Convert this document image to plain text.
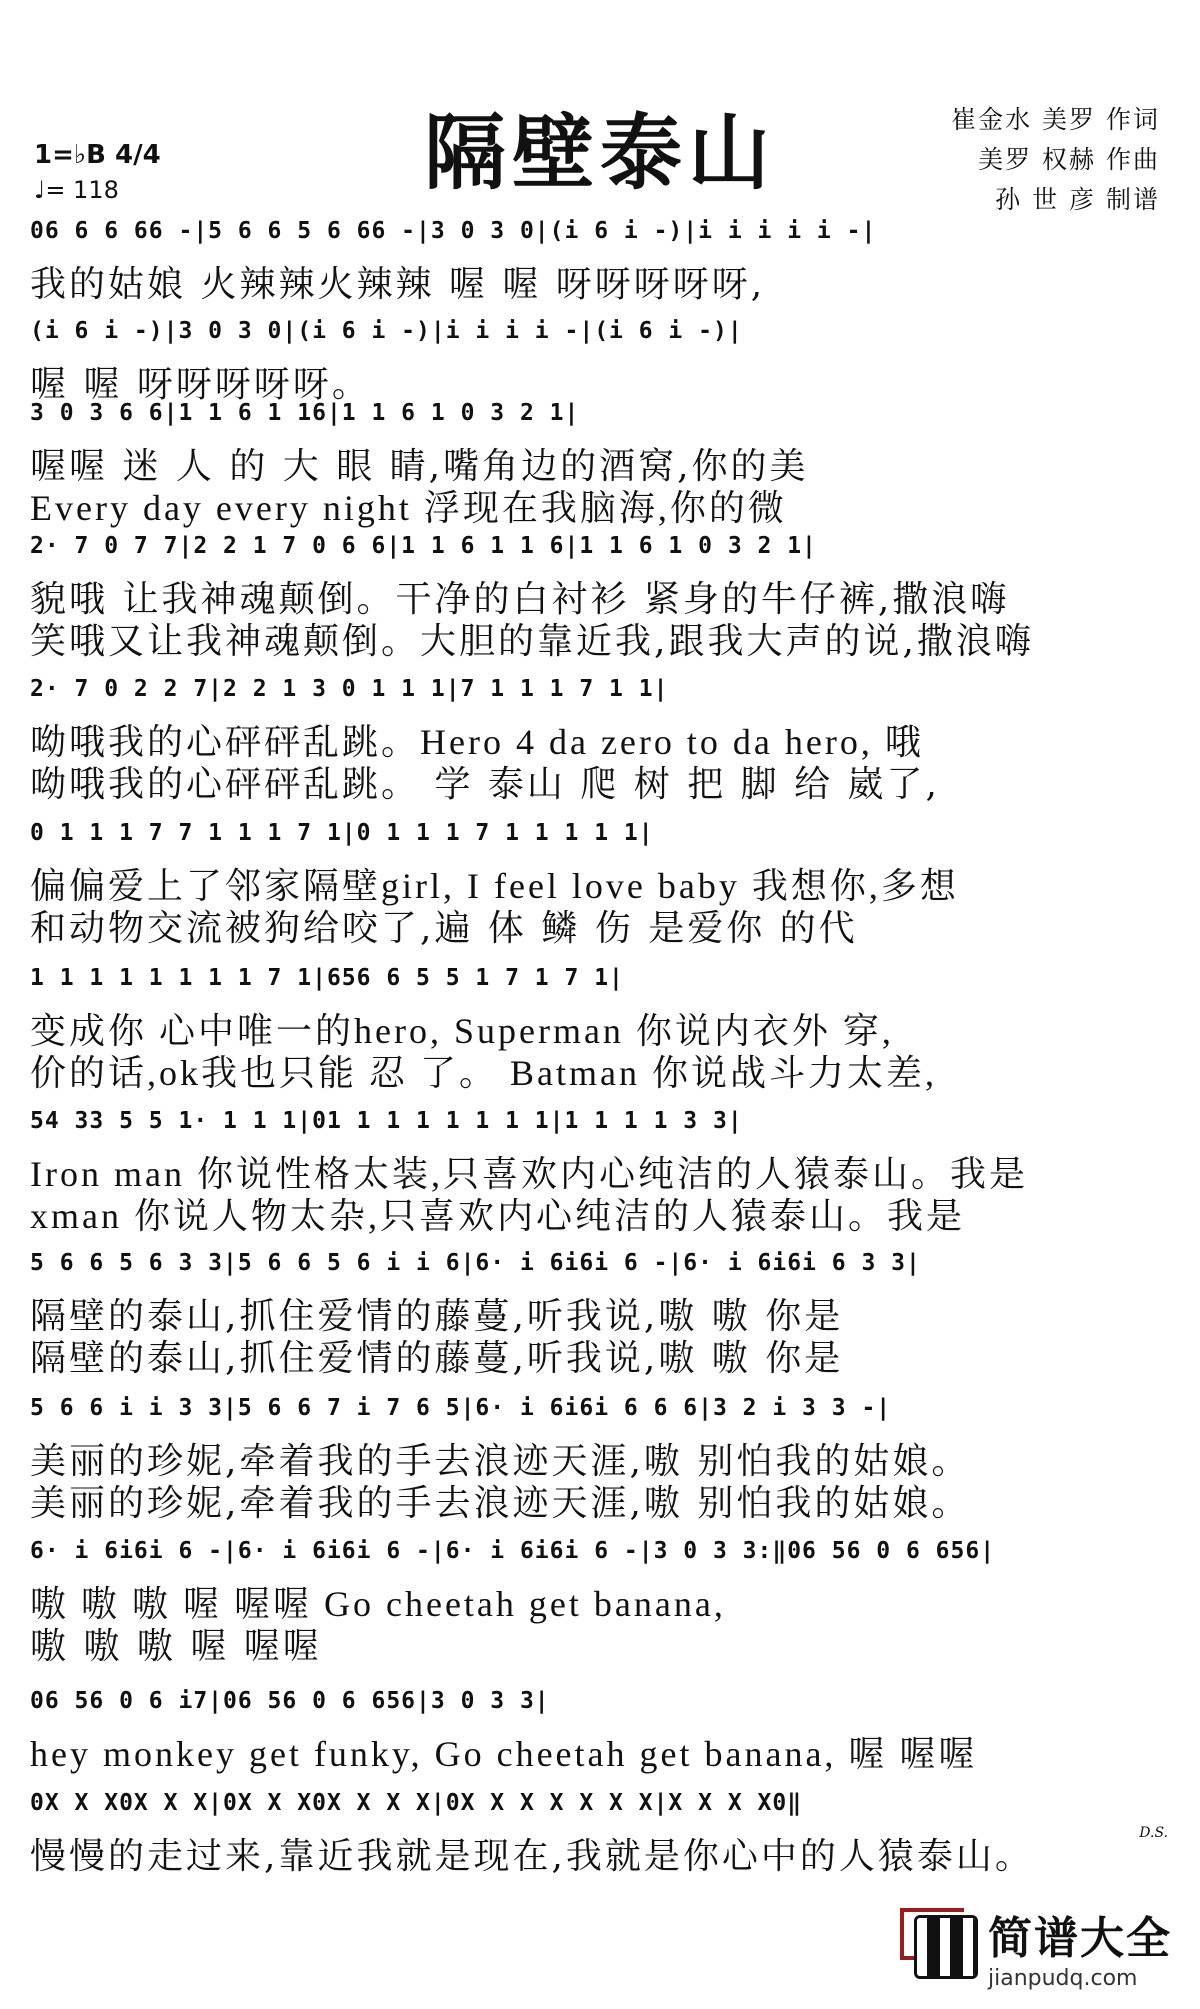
隔壁泰山
1=♭B 4/4
♩= 118
崔金水 美罗 作词
美罗 权赫 作曲
孙 世 彦 制谱
06 6 6 66 -|5 6 6 5 6 66 -|3 0 3 0|(i 6 i -)|i i i i i -|
我的姑娘 火辣辣火辣辣 喔 喔 呀呀呀呀呀,
(i 6 i -)|3 0 3 0|(i 6 i -)|i i i i -|(i 6 i -)|
喔 喔 呀呀呀呀呀。
3 0 3 6 6|1 1 6 1 16|1 1 6 1 0 3 2 1|
喔喔 迷 人 的 大 眼 睛,嘴角边的酒窝,你的美
Every day every night 浮现在我脑海,你的微
2· 7 0 7 7|2 2 1 7 0 6 6|1 1 6 1 1 6|1 1 6 1 0 3 2 1|
貌哦 让我神魂颠倒。干净的白衬衫 紧身的牛仔裤,撒浪嗨
笑哦又让我神魂颠倒。大胆的靠近我,跟我大声的说,撒浪嗨
2· 7 0 2 2 7|2 2 1 3 0 1 1 1|7 1 1 1 7 1 1|
呦哦我的心砰砰乱跳。Hero 4 da zero to da hero, 哦
呦哦我的心砰砰乱跳。 学 泰山 爬 树 把 脚 给 崴了,
0 1 1 1 7 7 1 1 1 7 1|0 1 1 1 7 1 1 1 1 1|
偏偏爱上了邻家隔壁girl, I feel love baby 我想你,多想
和动物交流被狗给咬了,遍 体 鳞 伤 是爱你 的代
1 1 1 1 1 1 1 1 7 1|656 6 5 5 1 7 1 7 1|
变成你 心中唯一的hero, Superman 你说内衣外 穿,
价的话,ok我也只能 忍 了。 Batman 你说战斗力太差,
54 33 5 5 1· 1 1 1|01 1 1 1 1 1 1 1|1 1 1 1 3 3|
Iron man 你说性格太装,只喜欢内心纯洁的人猿泰山。我是
xman 你说人物太杂,只喜欢内心纯洁的人猿泰山。我是
5 6 6 5 6 3 3|5 6 6 5 6 i i 6|6· i 6i6i 6 -|6· i 6i6i 6 3 3|
隔壁的泰山,抓住爱情的藤蔓,听我说,嗷 嗷 你是
隔壁的泰山,抓住爱情的藤蔓,听我说,嗷 嗷 你是
5 6 6 i i 3 3|5 6 6 7 i 7 6 5|6· i 6i6i 6 6 6|3 2 i 3 3 -|
美丽的珍妮,牵着我的手去浪迹天涯,嗷 别怕我的姑娘。
美丽的珍妮,牵着我的手去浪迹天涯,嗷 别怕我的姑娘。
6· i 6i6i 6 -|6· i 6i6i 6 -|6· i 6i6i 6 -|3 0 3 3:‖06 56 0 6 656|
嗷 嗷 嗷 喔 喔喔 Go cheetah get banana,
嗷 嗷 嗷 喔 喔喔
06 56 0 6 i7|06 56 0 6 656|3 0 3 3|
hey monkey get funky, Go cheetah get banana, 喔 喔喔
0X X X0X X X|0X X X0X X X X|0X X X X X X X|X X X X0‖
慢慢的走过来,靠近我就是现在,我就是你心中的人猿泰山。
D.S.
简谱大全
jianpudq.com
